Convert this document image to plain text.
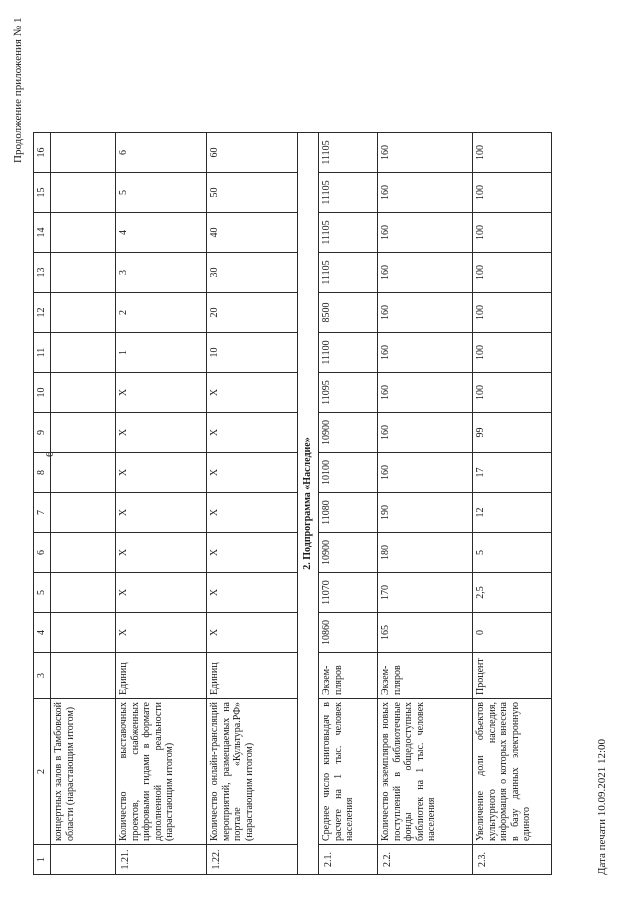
Продолжение приложения № 1
6
1	2	3	4	5	6	7	8	9	10	11	12	13	14	15	16
	концертных залов в Тамбовской области (нарастающим итогом)														
1.21.	Количество выставочных проектов, снабженных цифровыми гидами в формате дополненной реальности (нарастающим итогом)	Единиц	X	X	X	X	X	X	X	1	2	3	4	5	6
1.22.	Количество онлайн-трансляций мероприятий, размещаемых на портале «Культура.РФ» (нарастающим итогом)	Единиц	X	X	X	X	X	X	X	10	20	30	40	50	60
2. Подпрограмма «Наследие»															
2.1.	Среднее число книговыдач в расчете на 1 тыс. человек населения	Экзем-пляров	10860	11070	10900	11080	10100	10900	11095	11100	8500	11105	11105	11105	11105
2.2.	Количество экземпляров новых поступлений в библиотечные фонды общедоступных библиотек на 1 тыс. человек населения	Экзем-пляров	165	170	180	190	160	160	160	160	160	160	160	160	160
2.3.	Увеличение доли объектов культурного наследия, информация о которых внесена в базу данных электронную единого	Процент	0	2,5	5	12	17	99	100	100	100	100	100	100	100
Дата печати 10.09.2021 12:00
